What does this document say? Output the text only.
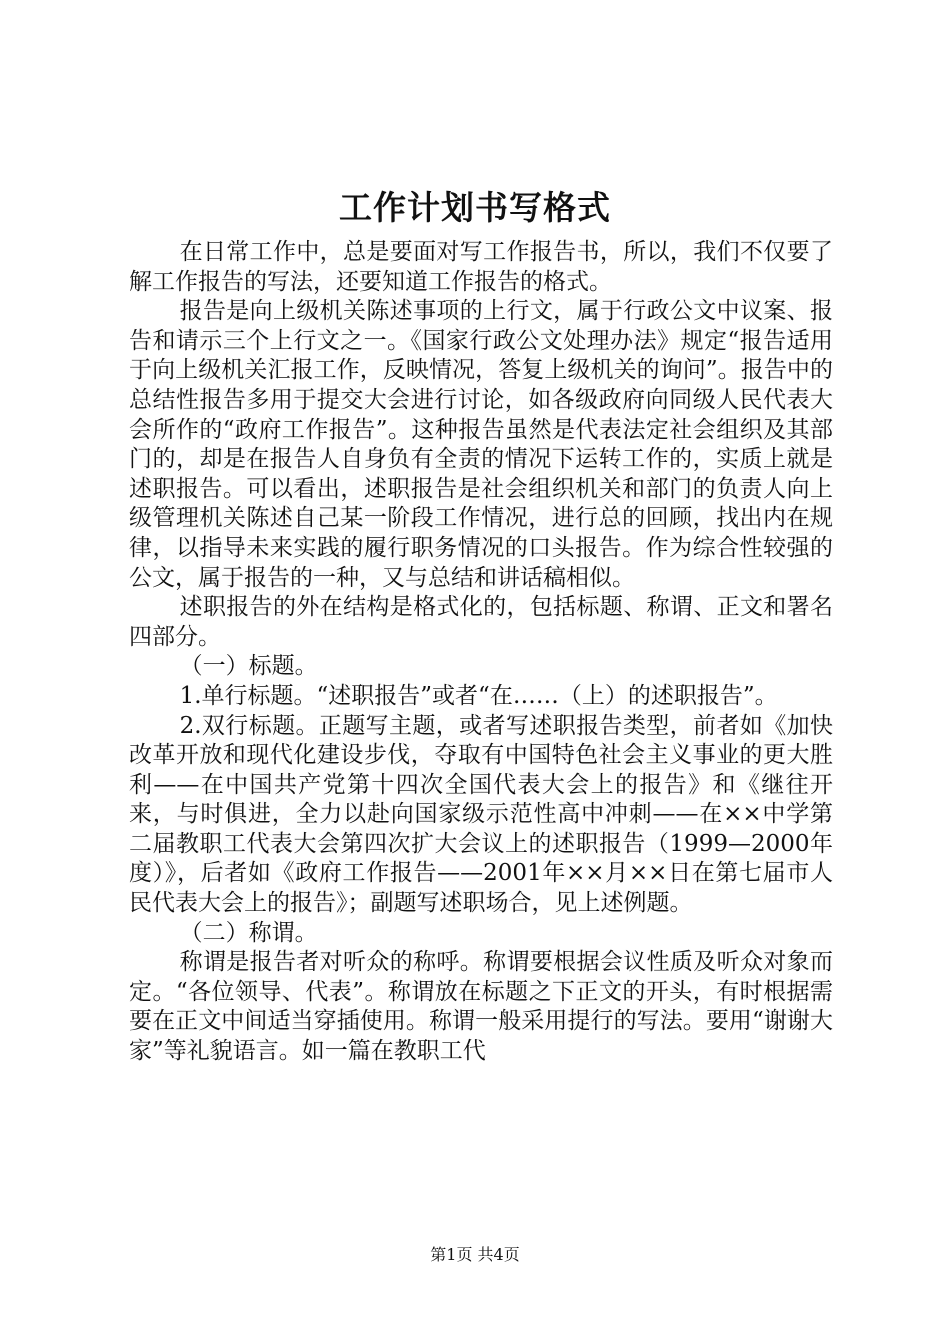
工作计划书写格式

在日常工作中，总是要面对写工作报告书，所以，我们不仅要了解工作报告的写法，还要知道工作报告的格式。

报告是向上级机关陈述事项的上行文，属于行政公文中议案、报告和请示三个上行文之一。《国家行政公文处理办法》规定“报告适用于向上级机关汇报工作，反映情况，答复上级机关的询问”。报告中的总结性报告多用于提交大会进行讨论，如各级政府向同级人民代表大会所作的“政府工作报告”。这种报告虽然是代表法定社会组织及其部门的，却是在报告人自身负有全责的情况下运转工作的，实质上就是述职报告。可以看出，述职报告是社会组织机关和部门的负责人向上级管理机关陈述自己某一阶段工作情况，进行总的回顾，找出内在规律，以指导未来实践的履行职务情况的口头报告。作为综合性较强的公文，属于报告的一种，又与总结和讲话稿相似。

述职报告的外在结构是格式化的，包括标题、称谓、正文和署名四部分。

（一）标题。

1.单行标题。“述职报告”或者“在……（上）的述职报告”。

2.双行标题。正题写主题，或者写述职报告类型，前者如《加快改革开放和现代化建设步伐，夺取有中国特色社会主义事业的更大胜利——在中国共产党第十四次全国代表大会上的报告》和《继往开来，与时俱进，全力以赴向国家级示范性高中冲刺——在××中学第二届教职工代表大会第四次扩大会议上的述职报告（1999—2000年度）》，后者如《政府工作报告——2001年××月××日在第七届市人民代表大会上的报告》；副题写述职场合，见上述例题。

（二）称谓。

称谓是报告者对听众的称呼。称谓要根据会议性质及听众对象而定。“各位领导、代表”。称谓放在标题之下正文的开头，有时根据需要在正文中间适当穿插使用。称谓一般采用提行的写法。要用“谢谢大家”等礼貌语言。如一篇在教职工代

第1页 共4页
